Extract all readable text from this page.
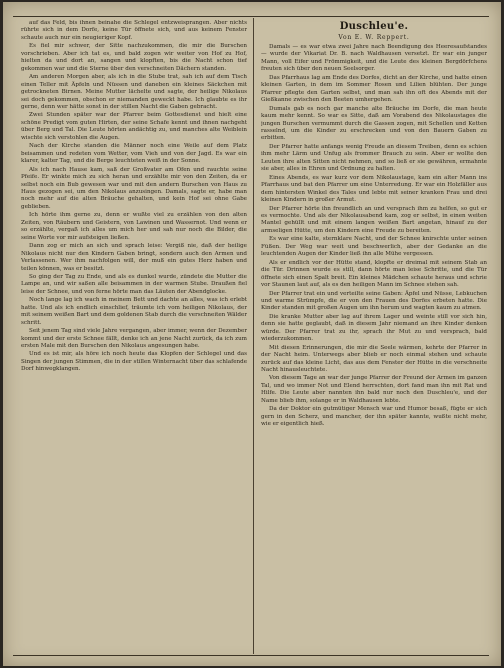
auf das Feld, bis ihnen beinahe die Schlegel entzweisprangen. Aber nichts rührte sich in dem Dorfe, keine Tür öffnete sich, und aus keinem Fenster schaute auch nur ein neugieriger Kopf.

Es fiel mir schwer, der Sitte nachzukommen, die mir die Burschen vorschrieben. Aber ich tat es, und bald zogen wir weiter von Hof zu Hof, hielten da und dort an, sangen und klopften, bis die Nacht schon tief gekommen war und die Sterne über den verschneiten Dächern standen.

Am anderen Morgen aber, als ich in die Stube trat, sah ich auf dem Tisch einen Teller mit Äpfeln und Nüssen und daneben ein kleines Säckchen mit getrockneten Birnen. Meine Mutter lächelte und sagte, der heilige Nikolaus sei doch gekommen, obschon er niemanden geweckt habe. Ich glaubte es ihr gerne, denn wer hätte sonst in der stillen Nacht die Gaben gebracht.

Zwei Stunden später war der Pfarrer beim Gottesdienst und hielt eine schöne Predigt vom guten Hirten, der seine Schafe kennt und ihnen nachgeht über Berg und Tal. Die Leute hörten andächtig zu, und manches alte Weiblein wischte sich verstohlen die Augen.

Nach der Kirche standen die Männer noch eine Weile auf dem Platz beisammen und redeten vom Wetter, vom Vieh und von der Jagd. Es war ein klarer, kalter Tag, und die Berge leuchteten weiß in der Sonne.

Als ich nach Hause kam, saß der Großvater am Ofen und rauchte seine Pfeife. Er winkte mich zu sich heran und erzählte mir von den Zeiten, da er selbst noch ein Bub gewesen war und mit den andern Burschen von Haus zu Haus gezogen sei, um den Nikolaus anzusingen. Damals, sagte er, habe man noch mehr auf die alten Bräuche gehalten, und kein Hof sei ohne Gabe geblieben.

Ich hörte ihm gerne zu, denn er wußte viel zu erzählen von den alten Zeiten, von Räubern und Geistern, von Lawinen und Wassernot. Und wenn er so erzählte, vergaß ich alles um mich her und sah nur noch die Bilder, die seine Worte vor mir aufsteigen ließen.

Dann zog er mich an sich und sprach leise: Vergiß nie, daß der heilige Nikolaus nicht nur den Kindern Gaben bringt, sondern auch den Armen und Verlassenen. Wer ihm nachfolgen will, der muß ein gutes Herz haben und teilen können, was er besitzt.

So ging der Tag zu Ende, und als es dunkel wurde, zündete die Mutter die Lampe an, und wir saßen alle beisammen in der warmen Stube. Draußen fiel leise der Schnee, und von ferne hörte man das Läuten der Abendglocke.

Noch lange lag ich wach in meinem Bett und dachte an alles, was ich erlebt hatte. Und als ich endlich einschlief, träumte ich vom heiligen Nikolaus, der mit seinem weißen Bart und dem goldenen Stab durch die verschneiten Wälder schritt.

Seit jenem Tag sind viele Jahre vergangen, aber immer, wenn der Dezember kommt und der erste Schnee fällt, denke ich an jene Nacht zurück, da ich zum ersten Male mit den Burschen den Nikolaus angesungen habe.

Und es ist mir, als höre ich noch heute das Klopfen der Schlegel und das Singen der jungen Stimmen, die in der stillen Winternacht über das schlafende Dorf hinwegklangen.

Duschleu'e.
Von E. W. Reppert.

Damals — es war etwa zwei Jahre nach Beendigung des Heeresaufstandes — wurde der Vikariat Dr. B. nach Waldhausen versetzt. Er war ein junger Mann, voll Eifer und Frömmigkeit, und die Leute des kleinen Bergdörfchens freuten sich über den neuen Seelsorger.

Das Pfarrhaus lag am Ende des Dorfes, dicht an der Kirche, und hatte einen kleinen Garten, in dem im Sommer Rosen und Lilien blühten. Der junge Pfarrer pflegte den Garten selbst, und man sah ihn oft des Abends mit der Gießkanne zwischen den Beeten umhergehen.

Dumals gab es noch gar manche alte Bräuche im Dorfe, die man heute kaum mehr kennt. So war es Sitte, daß am Vorabend des Nikolaustages die jungen Burschen vermummt durch die Gassen zogen, mit Schellen und Ketten rasselnd, um die Kinder zu erschrecken und von den Bauern Gaben zu erbitten.

Der Pfarrer hatte anfangs wenig Freude an diesem Treiben, denn es schien ihm mehr Lärm und Unfug als frommer Brauch zu sein. Aber er wollte den Leuten ihre alten Sitten nicht nehmen, und so ließ er sie gewähren, ermahnte sie aber, alles in Ehren und Ordnung zu halten.

Eines Abends, es war kurz vor dem Nikolaustage, kam ein alter Mann ins Pfarrhaus und bat den Pfarrer um eine Unterredung. Er war ein Holzfäller aus dem hintersten Winkel des Tales und lebte mit seiner kranken Frau und drei kleinen Kindern in großer Armut.

Der Pfarrer hörte ihn freundlich an und versprach ihm zu helfen, so gut er es vermochte. Und als der Nikolausabend kam, zog er selbst, in einen weiten Mantel gehüllt und mit einem langen weißen Bart angetan, hinauf zu der armseligen Hütte, um den Kindern eine Freude zu bereiten.

Es war eine kalte, sternklare Nacht, und der Schnee knirschte unter seinen Füßen. Der Weg war weit und beschwerlich, aber der Gedanke an die leuchtenden Augen der Kinder ließ ihn alle Mühe vergessen.

Als er endlich vor der Hütte stand, klopfte er dreimal mit seinem Stab an die Tür. Drinnen wurde es still, dann hörte man leise Schritte, und die Tür öffnete sich einen Spalt breit. Ein kleines Mädchen schaute heraus und schrie vor Staunen laut auf, als es den heiligen Mann im Schnee stehen sah.

Der Pfarrer trat ein und verteilte seine Gaben: Äpfel und Nüsse, Lebkuchen und warme Strümpfe, die er von den Frauen des Dorfes erbeten hatte. Die Kinder standen mit großen Augen um ihn herum und wagten kaum zu atmen.

Die kranke Mutter aber lag auf ihrem Lager und weinte still vor sich hin, denn sie hatte geglaubt, daß in diesem Jahr niemand an ihre Kinder denken würde. Der Pfarrer trat zu ihr, sprach ihr Mut zu und versprach, bald wiederzukommen.

Mit diesen Erinnerungen, die mir die Seele wärmen, kehrte der Pfarrer in der Nacht heim. Unterwegs aber blieb er noch einmal stehen und schaute zurück auf das kleine Licht, das aus dem Fenster der Hütte in die verschneite Nacht hinausleuchtete.

Von diesem Tage an war der junge Pfarrer der Freund der Armen im ganzen Tal, und wo immer Not und Elend herrschten, dort fand man ihn mit Rat und Hilfe. Die Leute aber nannten ihn bald nur noch den Duschleu'e, und der Name blieb ihm, solange er in Waldhausen lebte.

Da der Doktor ein gutmütiger Mensch war und Humor besaß, fügte er sich gern in den Scherz, und mancher, der ihn später kannte, wußte nicht mehr, wie er eigentlich hieß.
